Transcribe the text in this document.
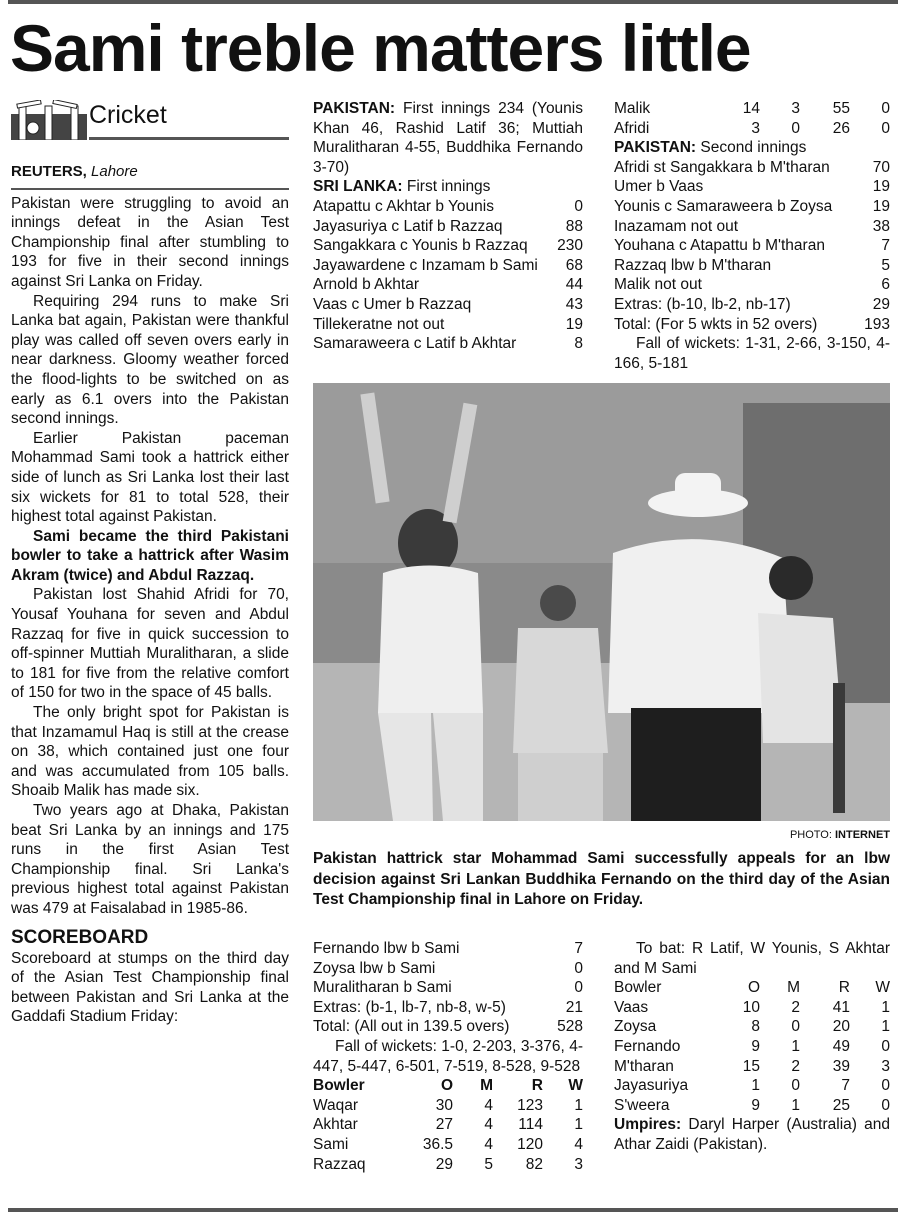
Sami treble matters little
Cricket
REUTERS, Lahore

Pakistan were struggling to avoid an innings defeat in the Asian Test Championship final after stumbling to 193 for five in their second innings against Sri Lanka on Friday.

Requiring 294 runs to make Sri Lanka bat again, Pakistan were thankful play was called off seven overs early in near darkness. Gloomy weather forced the flood-lights to be switched on as early as 6.1 overs into the Pakistan second innings.

Earlier Pakistan paceman Mohammad Sami took a hattrick either side of lunch as Sri Lanka lost their last six wickets for 81 to total 528, their highest total against Pakistan.

Sami became the third Pakistani bowler to take a hattrick after Wasim Akram (twice) and Abdul Razzaq.

Pakistan lost Shahid Afridi for 70, Yousaf Youhana for seven and Abdul Razzaq for five in quick succession to off-spinner Muttiah Muralitharan, a slide to 181 for five from the relative comfort of 150 for two in the space of 45 balls.

The only bright spot for Pakistan is that Inzamamul Haq is still at the crease on 38, which contained just one four and was accumulated from 105 balls. Shoaib Malik has made six.

Two years ago at Dhaka, Pakistan beat Sri Lanka by an innings and 175 runs in the first Asian Test Championship final. Sri Lanka's previous highest total against Pakistan was 479 at Faisalabad in 1985-86.

SCOREBOARD

Scoreboard at stumps on the third day of the Asian Test Championship final between Pakistan and Sri Lanka at the Gaddafi Stadium Friday:

PAKISTAN: First innings 234 (Younis Khan 46, Rashid Latif 36; Muttiah Muralitharan 4-55, Buddhika Fernando 3-70)

SRI LANKA: First innings

Atapattu c Akhtar b Younis	0
Jayasuriya c Latif b Razzaq	88
Sangakkara c Younis b Razzaq 230
Jayawardene c Inzamam b Sami 68
Arnold b Akhtar	44
Vaas c Umer b Razzaq	43
Tillekeratne not out	19
Samaraweera c Latif b Akhtar	8
Malik	14	3	55	0
Afridi	3	0	26	0

PAKISTAN: Second innings

Afridi st Sangakkara b M'tharan	70
Umer b Vaas	19
Younis c Samaraweera b Zoysa	19
Inazamam not out	38
Youhana c Atapattu b M'tharan	7
Razzaq lbw b M'tharan	5
Malik not out	6
Extras: (b-10, lb-2, nb-17)	29
Total: (For 5 wkts in 52 overs)	193

Fall of wickets: 1-31, 2-66, 3-150, 4-166, 5-181

PHOTO: INTERNET
Pakistan hattrick star Mohammad Sami successfully appeals for an lbw decision against Sri Lankan Buddhika Fernando on the third day of the Asian Test Championship final in Lahore on Friday.
Fernando lbw b Sami	7
Zoysa lbw b Sami	0
Muralitharan b Sami	0
Extras: (b-1, lb-7, nb-8, w-5)	21
Total: (All out in 139.5 overs)	528

Fall of wickets: 1-0, 2-203, 3-376, 4-447, 5-447, 6-501, 7-519, 8-528, 9-528

Bowler	O	M	R	W
Waqar	30	4	123	1
Akhtar	27	4	114	1
Sami	36.5	4	120	4
Razzaq	29	5	82	3

To bat: R Latif, W Younis, S Akhtar and M Sami

Bowler	O	M	R	W
Vaas	10	2	41	1
Zoysa	8	0	20	1
Fernando	9	1	49	0
M'tharan	15	2	39	3
Jayasuriya	1	0	7	0
S'weera	9	1	25	0

Umpires: Daryl Harper (Australia) and Athar Zaidi (Pakistan).
